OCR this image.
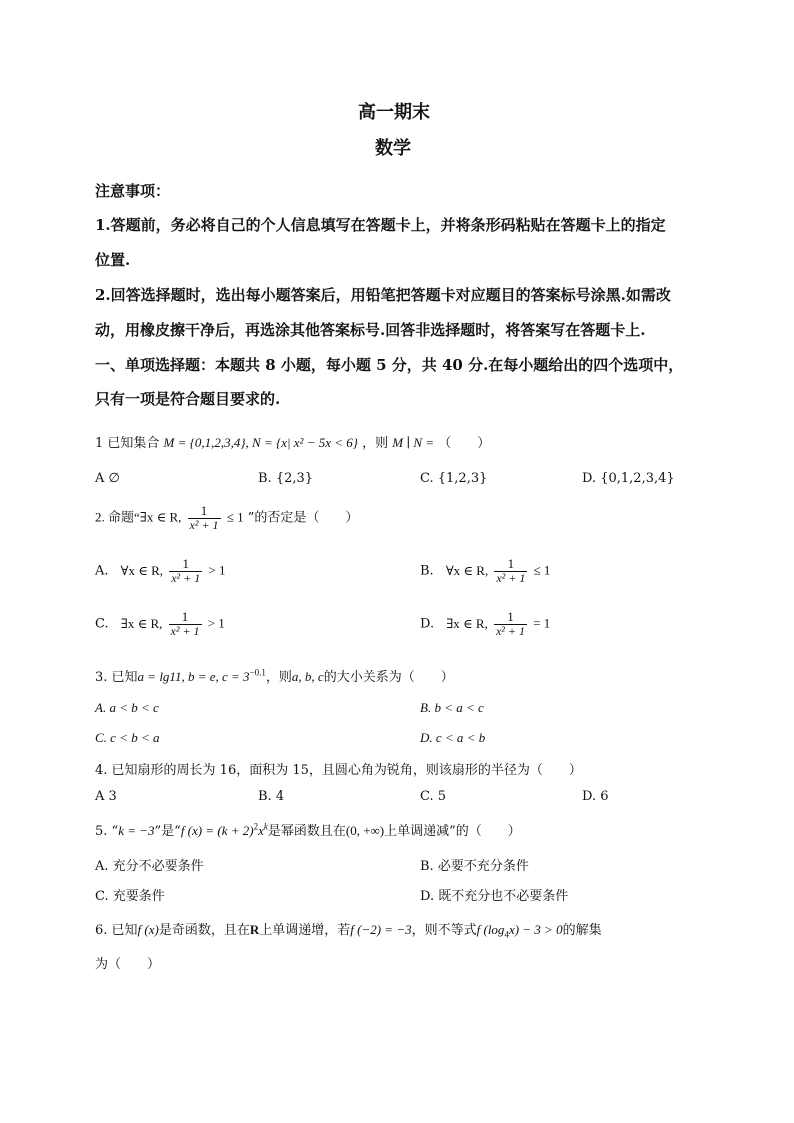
高一期末
数学
注意事项：
1.答题前，务必将自己的个人信息填写在答题卡上，并将条形码粘贴在答题卡上的指定
位置.
2.回答选择题时，选出每小题答案后，用铅笔把答题卡对应题目的答案标号涂黑.如需改
动，用橡皮擦干净后，再选涂其他答案标号.回答非选择题时，将答案写在答题卡上.
一、单项选择题：本题共 8 小题，每小题 5 分，共 40 分.在每小题给出的四个选项中，
只有一项是符合题目要求的.
1 已知集合 M = {0,1,2,3,4}, N = {x| x² − 5x < 6} ，则 M ∣ N = （　　）
A ∅	B. {2,3}	C. {1,2,3}	D. {0,1,2,3,4}
2. 命题“∃x ∈ R, $\frac{1}{\text{x² + 1}} \le 1$ ”的否定是（　　）
A. ∀x ∈ R, $\frac{1}{\text{x² + 1}} > 1$	B. ∀x ∈ R, $\frac{1}{\text{x² + 1}} \le 1$
C. ∃x ∈ R, $\frac{1}{\text{x² + 1}} > 1$	D. ∃x ∈ R, $\frac{1}{\text{x² + 1}} = 1$
3. 已知a = lg11, b = e, $c = 3^{-0.1}$，则a, b, c的大小关系为（　　）
A. a < b < c	B. b < a < c
C. c < b < a	D. c < a < b
4. 已知扇形的周长为 16，面积为 15，且圆心角为锐角，则该扇形的半径为（　　）
A 3	B. 4	C. 5	D. 6
5. “k = −3”是“f $(x) = (k + 2)^2x^k$是幂函数且在(0, +∞)上单调递减”的（　　）
A. 充分不必要条件	B. 必要不充分条件
C. 充要条件	D. 既不充分也不必要条件
6. 已知f (x)是奇函数，且在R上单调递增，若f (−2) = −3，则不等式f $(\log_4x) - 3 > 0$的解集
为（　　）
